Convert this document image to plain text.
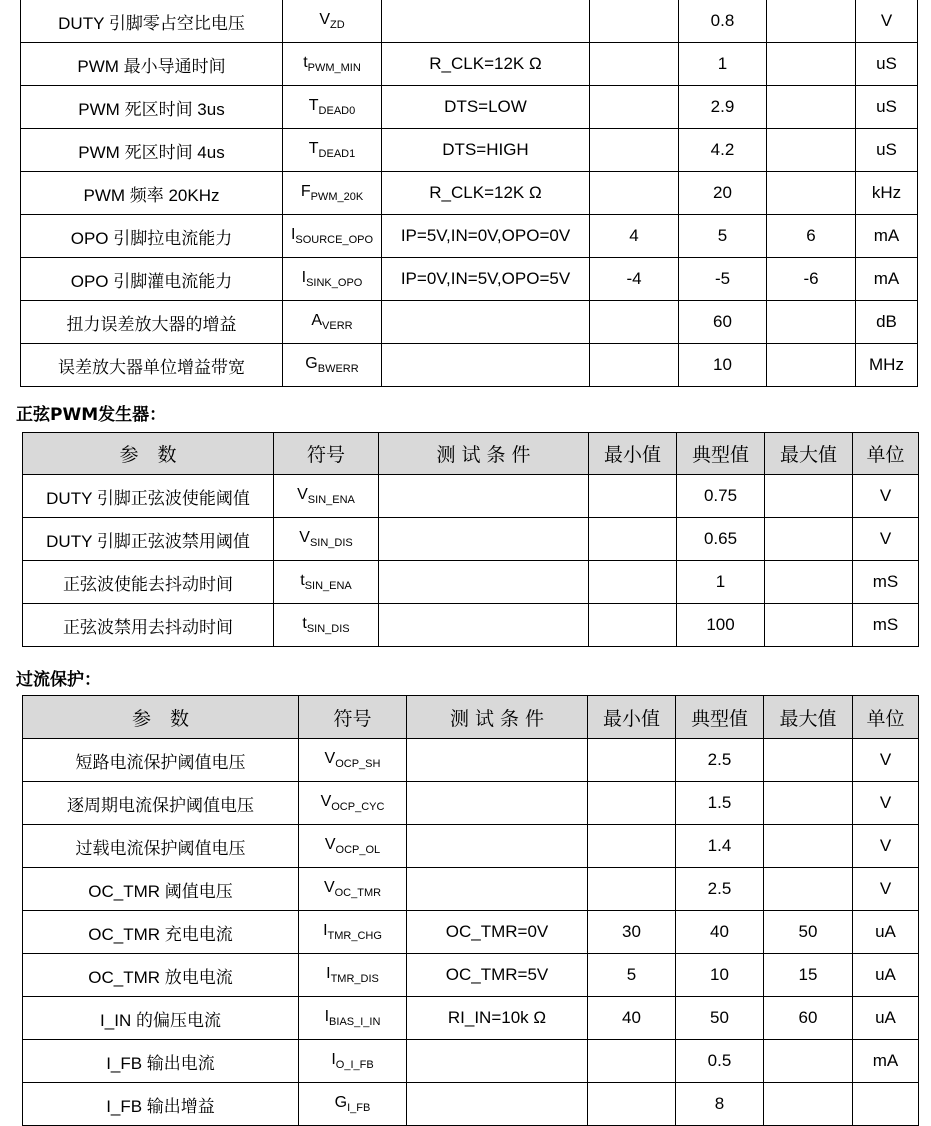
DUTY 引脚零占空比电压	$V_{ZD}$			0.8		V
PWM 最小导通时间	$t_{PWM\_MIN}$	R_CLK=12K Ω		1		uS
PWM 死区时间 3us	$T_{DEAD0}$	DTS=LOW		2.9		uS
PWM 死区时间 4us	$T_{DEAD1}$	DTS=HIGH		4.2		uS
PWM 频率 20KHz	$F_{PWM\_20K}$	R_CLK=12K Ω		20		kHz
OPO 引脚拉电流能力	$I_{SOURCE\_OPO}$	IP=5V,IN=0V,OPO=0V	4	5	6	mA
OPO 引脚灌电流能力	$I_{SINK\_OPO}$	IP=0V,IN=5V,OPO=5V	-4	-5	-6	mA
扭力误差放大器的增益	$A_{VERR}$			60		dB
误差放大器单位增益带宽	$G_{BWERR}$			10		MHz
正弦PWM发生器：
参　数	符号	测 试 条 件	最小值	典型值	最大值	单位
DUTY 引脚正弦波使能阈值	$V_{SIN\_ENA}$			0.75		V
DUTY 引脚正弦波禁用阈值	$V_{SIN\_DIS}$			0.65		V
正弦波使能去抖动时间	$t_{SIN\_ENA}$			1		mS
正弦波禁用去抖动时间	$t_{SIN\_DIS}$			100		mS
过流保护：
参　数	符号	测 试 条 件	最小值	典型值	最大值	单位
短路电流保护阈值电压	$V_{OCP\_SH}$			2.5		V
逐周期电流保护阈值电压	$V_{OCP\_CYC}$			1.5		V
过载电流保护阈值电压	$V_{OCP\_OL}$			1.4		V
OC_TMR 阈值电压	$V_{OC\_TMR}$			2.5		V
OC_TMR 充电电流	$I_{TMR\_CHG}$	OC_TMR=0V	30	40	50	uA
OC_TMR 放电电流	$I_{TMR\_DIS}$	OC_TMR=5V	5	10	15	uA
I_IN 的偏压电流	$I_{BIAS\_I\_IN}$	RI_IN=10k Ω	40	50	60	uA
I_FB 输出电流	$I_{O\_I\_FB}$			0.5		mA
I_FB 输出增益	$G_{I\_FB}$			8		
